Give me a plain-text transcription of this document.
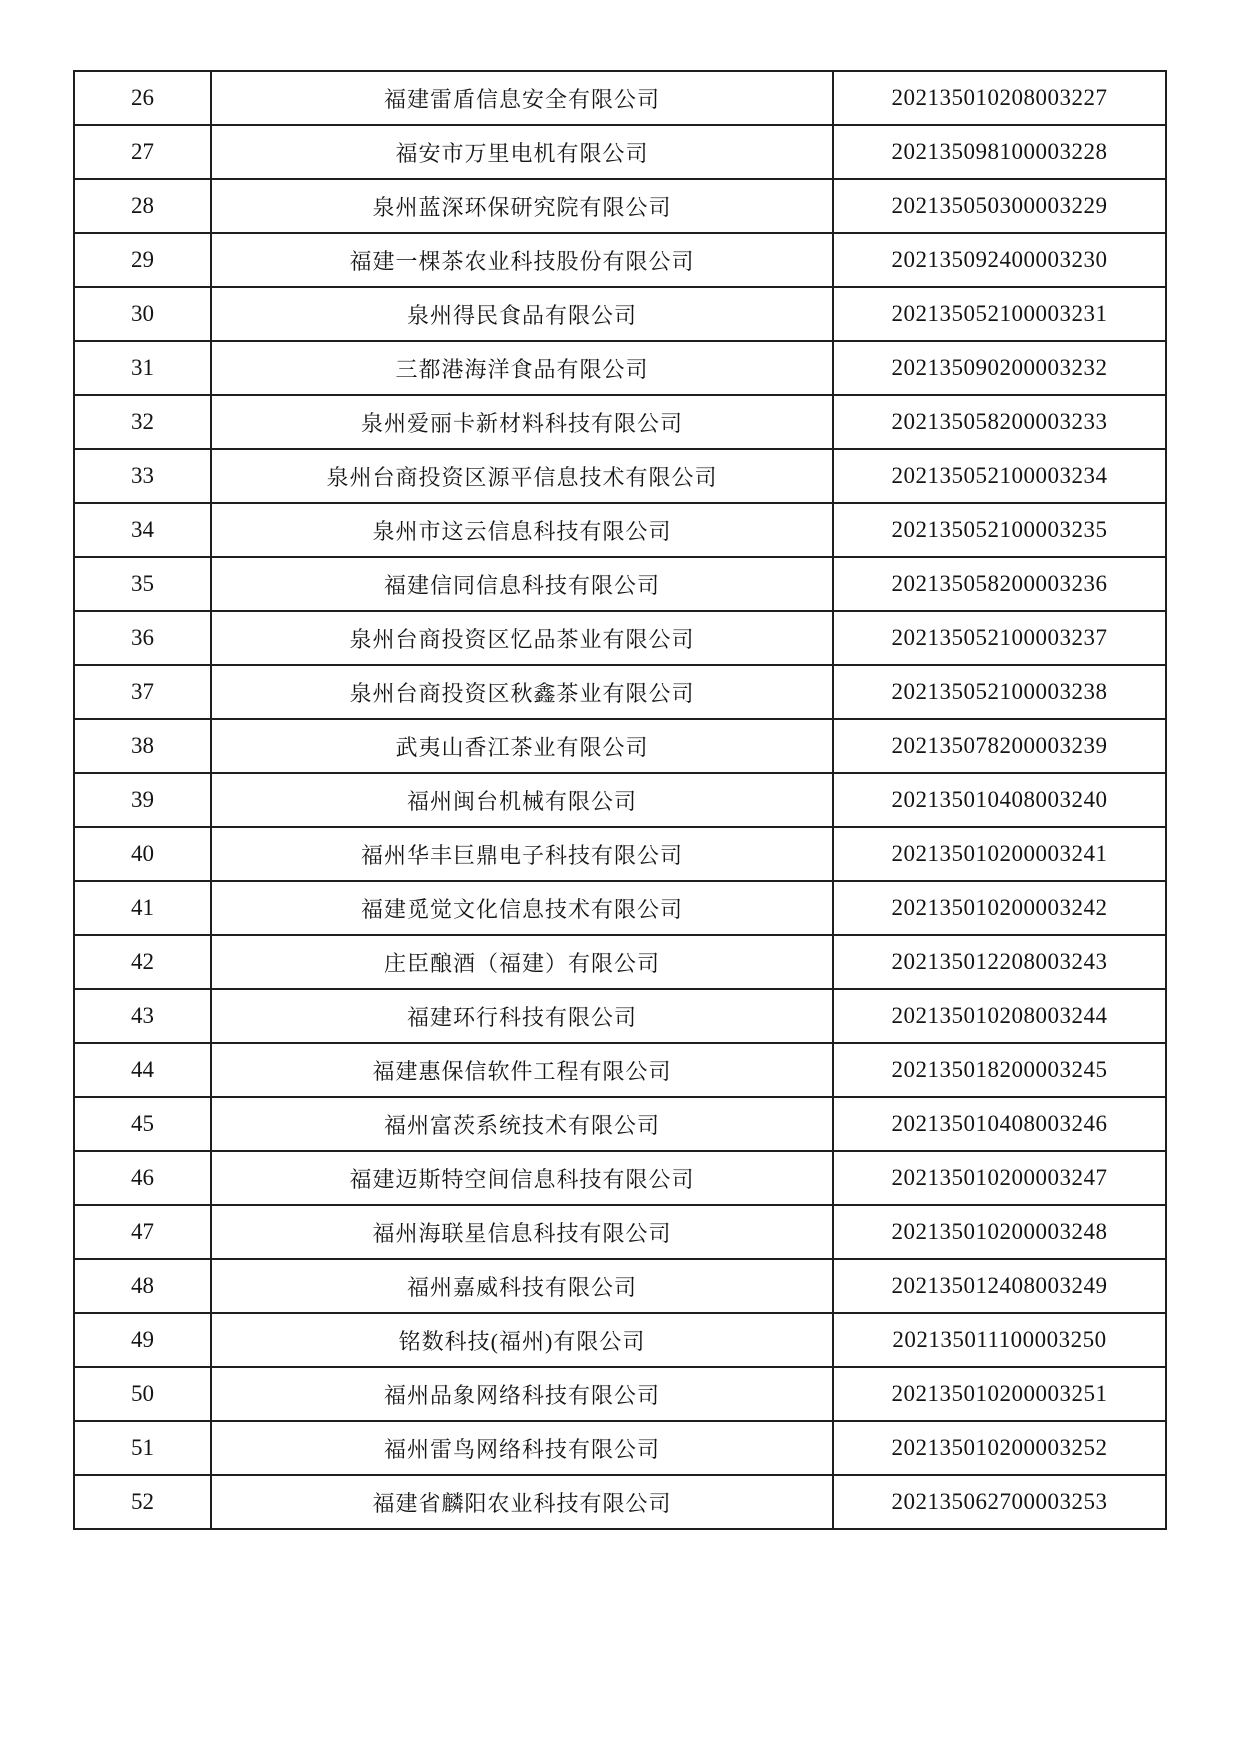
26	福建雷盾信息安全有限公司	202135010208003227
27	福安市万里电机有限公司	202135098100003228
28	泉州蓝深环保研究院有限公司	202135050300003229
29	福建一棵茶农业科技股份有限公司	202135092400003230
30	泉州得民食品有限公司	202135052100003231
31	三都港海洋食品有限公司	202135090200003232
32	泉州爱丽卡新材料科技有限公司	202135058200003233
33	泉州台商投资区源平信息技术有限公司	202135052100003234
34	泉州市这云信息科技有限公司	202135052100003235
35	福建信同信息科技有限公司	202135058200003236
36	泉州台商投资区忆品茶业有限公司	202135052100003237
37	泉州台商投资区秋鑫茶业有限公司	202135052100003238
38	武夷山香江茶业有限公司	202135078200003239
39	福州闽台机械有限公司	202135010408003240
40	福州华丰巨鼎电子科技有限公司	202135010200003241
41	福建觅觉文化信息技术有限公司	202135010200003242
42	庄臣酿酒（福建）有限公司	202135012208003243
43	福建环行科技有限公司	202135010208003244
44	福建惠保信软件工程有限公司	202135018200003245
45	福州富茨系统技术有限公司	202135010408003246
46	福建迈斯特空间信息科技有限公司	202135010200003247
47	福州海联星信息科技有限公司	202135010200003248
48	福州嘉威科技有限公司	202135012408003249
49	铭数科技(福州)有限公司	202135011100003250
50	福州品象网络科技有限公司	202135010200003251
51	福州雷鸟网络科技有限公司	202135010200003252
52	福建省麟阳农业科技有限公司	202135062700003253
